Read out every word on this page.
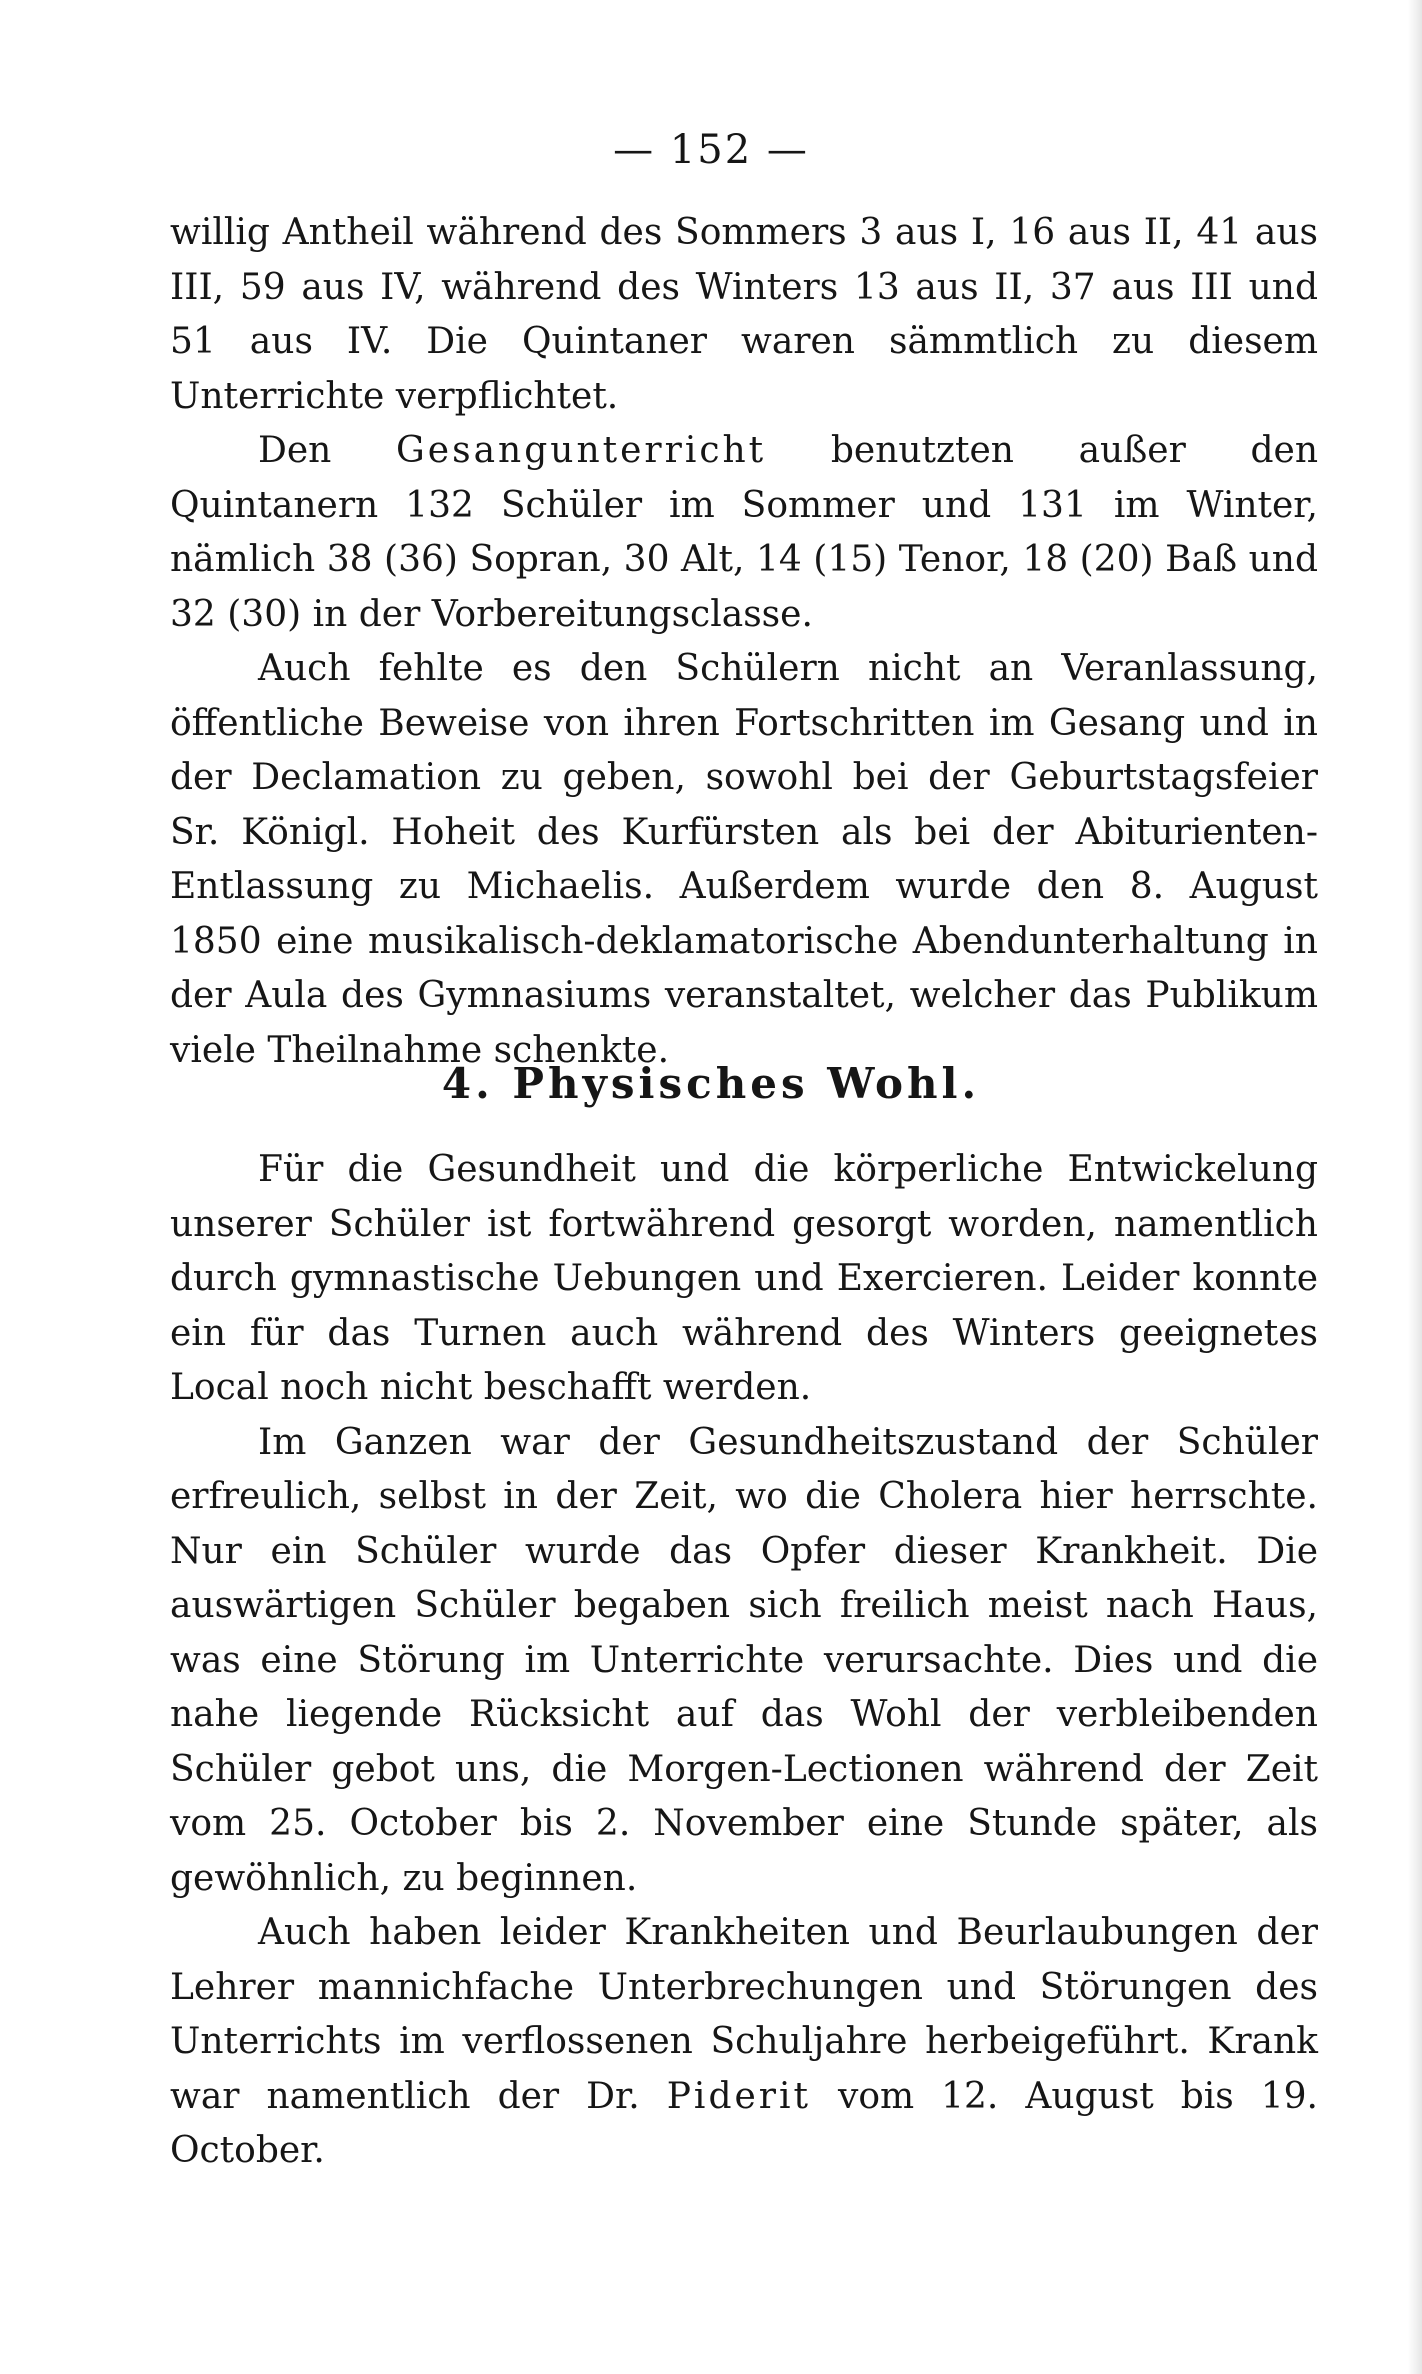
— 152 —

willig Antheil während des Sommers 3 aus I, 16 aus II, 41 aus III, 59 aus IV, während des Winters 13 aus II, 37 aus III und 51 aus IV. Die Quintaner waren sämmtlich zu diesem Unterrichte verpflichtet.

Den Gesangunterricht benutzten außer den Quintanern 132 Schüler im Sommer und 131 im Winter, nämlich 38 (36) Sopran, 30 Alt, 14 (15) Tenor, 18 (20) Baß und 32 (30) in der Vorbereitungsclasse.

Auch fehlte es den Schülern nicht an Veranlassung, öffentliche Beweise von ihren Fortschritten im Gesang und in der Declamation zu geben, sowohl bei der Geburtstagsfeier Sr. Königl. Hoheit des Kurfürsten als bei der Abiturienten-Entlassung zu Michaelis. Außerdem wurde den 8. August 1850 eine musikalisch-deklamatorische Abendunterhaltung in der Aula des Gymnasiums veranstaltet, welcher das Publikum viele Theilnahme schenkte.

4. Physisches Wohl.

Für die Gesundheit und die körperliche Entwickelung unserer Schüler ist fortwährend gesorgt worden, namentlich durch gymnastische Uebungen und Exercieren. Leider konnte ein für das Turnen auch während des Winters geeignetes Local noch nicht beschafft werden.

Im Ganzen war der Gesundheitszustand der Schüler erfreulich, selbst in der Zeit, wo die Cholera hier herrschte. Nur ein Schüler wurde das Opfer dieser Krankheit. Die auswärtigen Schüler begaben sich freilich meist nach Haus, was eine Störung im Unterrichte verursachte. Dies und die nahe liegende Rücksicht auf das Wohl der verbleibenden Schüler gebot uns, die Morgen-Lectionen während der Zeit vom 25. October bis 2. November eine Stunde später, als gewöhnlich, zu beginnen.

Auch haben leider Krankheiten und Beurlaubungen der Lehrer mannichfache Unterbrechungen und Störungen des Unterrichts im verflossenen Schuljahre herbeigeführt. Krank war namentlich der Dr. Piderit vom 12. August bis 19. October.
